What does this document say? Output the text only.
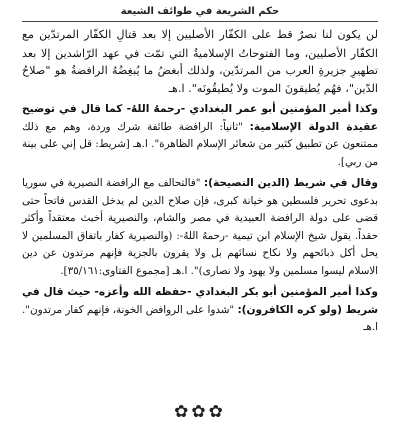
حكم الشريعة في طوائف الشيعة

لن يكون لنا نصرٌ قط على الكفّار الأصليين إلا بعد قتالِ الكفّار المرتدّين مع الكفّار الأصليين، وما الفتوحاتُ الإسلاميةُ التي تمّت في عهد الرّاشدين إلا بعد تطهيرِ جزيرةِ العرب من المرتدّين، ولذلك أبغضُ ما يُبغِضُهُ الرافضةُ هو "صلاحُ الدّين"، فهُم يُطيقونَ الموت ولا يُطيقُونَه". ا.هـ

وكذا أمير المؤمنين أبو عمر البغدادي -رحمهُ اللهُ- كما قال في توضيح عقيدة الدولة الإسلامية: "ثانياً: الرافضة طائفة شرك وردة، وهم مع ذلك ممتنعون عن تطبيق كثير من شعائر الإسلام الظاهرة". ا.هـ [شريط: قل إني على بينة من ربي].

وقال في شريط (الدين النصيحة): "فالتحالف مع الرافضة النصيرية في سوريا بدعوى تحرير فلسطين هو خيانة كبرى، فإن صلاح الدين لم يدخل القدس فاتحاً حتى قضى على دولة الرافضة العبيدية في مصر والشام، والنصيرية أخبث معتقداً وأكثر حقداً. يقول شيخ الإسلام ابن تيمية -رحمهُ اللهُ-: (والنصيرية كفار باتفاق المسلمين لا يحل أكل ذبائحهم ولا نكاح نسائهم بل ولا يقرون بالجزية فإنهم مرتدون عن دين الاسلام ليسوا مسلمين ولا يهود ولا نصارى)". ا.هـ [مجموع الفتاوى:٣٥/١٦١].

وكذا أمير المؤمنين أبو بكر البغدادي -حفظه الله وأعزه- حيث قال في شريط (ولو كره الكافرون): "شدوا على الروافض الخونة، فإنهم كفار مرتدون". ا.هـ

✿✿✿
